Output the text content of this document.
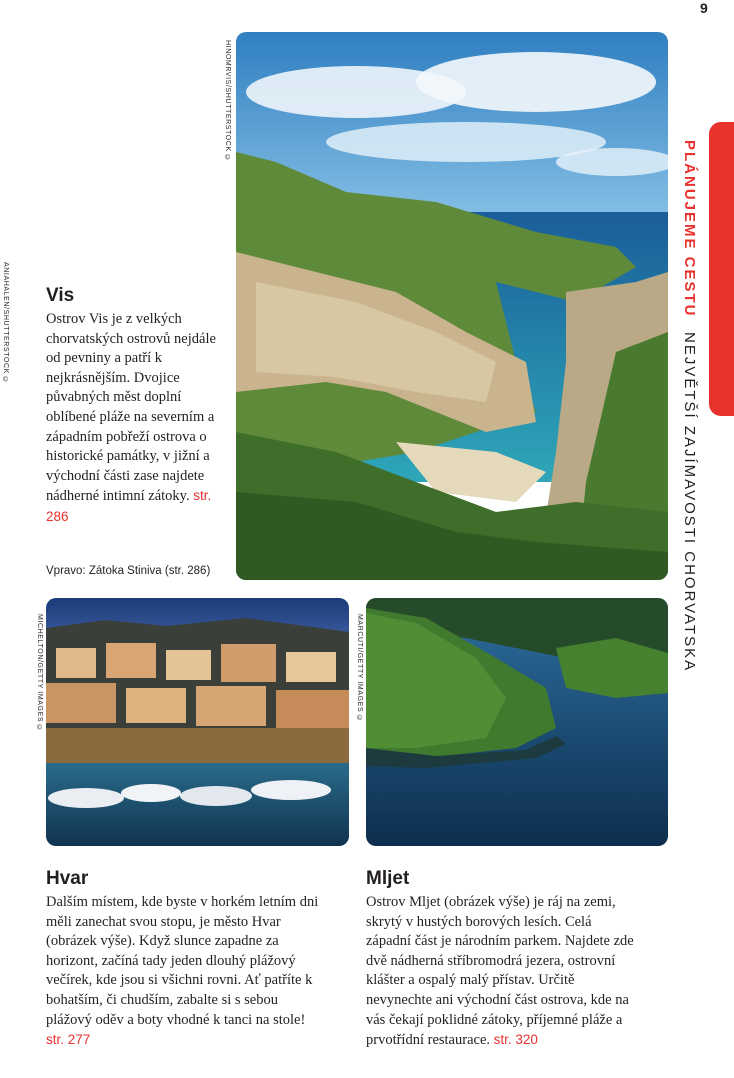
9
PLÁNUJEME CESTU NEJVĚTŠÍ ZAJÍMAVOSTI CHORVATSKA
HINOMRVIS/SHUTTERSTOCK ©
ANIAHALEN/SHUTTERSTOCK ©
MICHELTON/GETTY IMAGES ©	MARCUTI/GETTY IMAGES ©
Vis
Ostrov Vis je z velkých chorvatských ostrovů nejdále od pevniny a patří k nejkrásnějším. Dvojice půvabných měst doplní oblíbené pláže na severním a západním pobřeží ostrova o historické památky, v jižní a východní části zase najdete nádherné intimní zátoky. str. 286
Vpravo: Zátoka Stiniva (str. 286)
Hvar
Dalším místem, kde byste v horkém letním dni měli zanechat svou stopu, je město Hvar (obrázek výše). Když slunce zapadne za horizont, začíná tady jeden dlouhý plážový večírek, kde jsou si všichni rovni. Ať patříte k bohatším, či chudším, zabalte si s sebou plážový oděv a boty vhodné k tanci na stole! str. 277
Mljet
Ostrov Mljet (obrázek výše) je ráj na zemi, skrytý v hustých borových lesích. Celá západní část je národním parkem. Najdete zde dvě nádherná stříbromodrá jezera, ostrovní klášter a ospalý malý přístav. Určitě nevynechte ani východní část ostrova, kde na vás čekají poklidné zátoky, příjemné pláže a prvotřídní restaurace. str. 320
